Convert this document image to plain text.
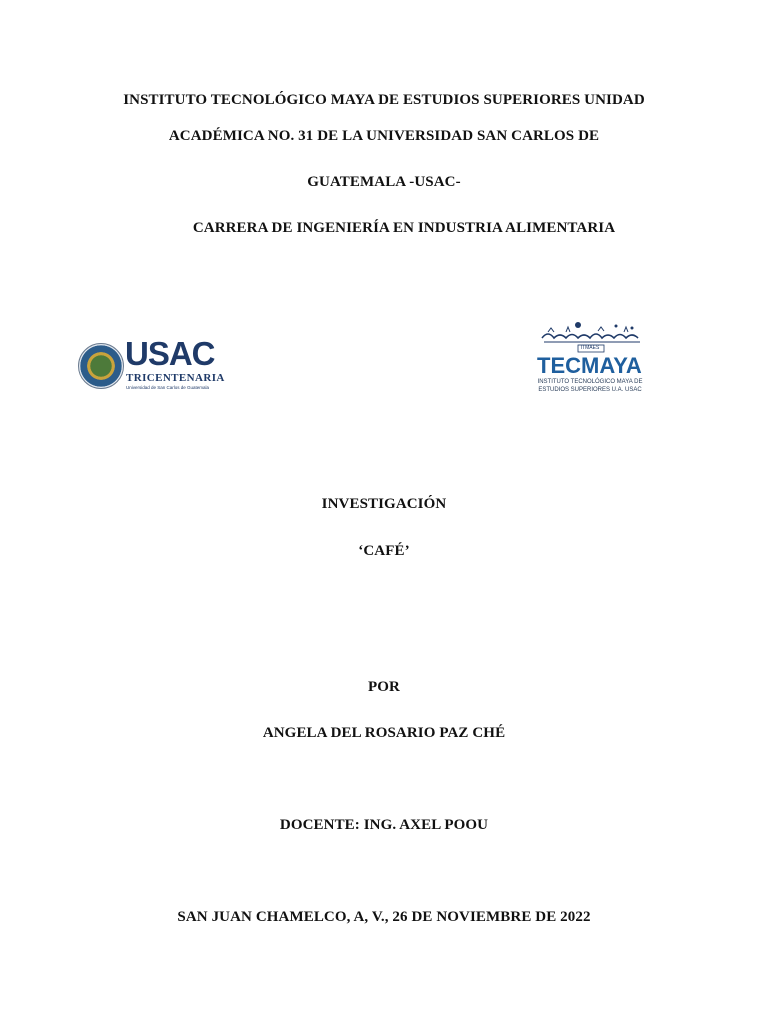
INSTITUTO TECNOLÓGICO MAYA DE ESTUDIOS SUPERIORES UNIDAD
ACADÉMICA NO. 31 DE LA UNIVERSIDAD SAN CARLOS DE
GUATEMALA -USAC-
CARRERA DE INGENIERÍA EN INDUSTRIA ALIMENTARIA
USAC
TRICENTENARIA
Universidad de San Carlos de Guatemala
ITMAES
TECMAYA
INSTITUTO TECNOLÓGICO MAYA DE
ESTUDIOS SUPERIORES U.A. USAC
INVESTIGACIÓN
‘CAFÉ’
POR
ANGELA DEL ROSARIO PAZ CHÉ
DOCENTE: ING. AXEL POOU
SAN JUAN CHAMELCO, A, V., 26 DE NOVIEMBRE DE 2022
